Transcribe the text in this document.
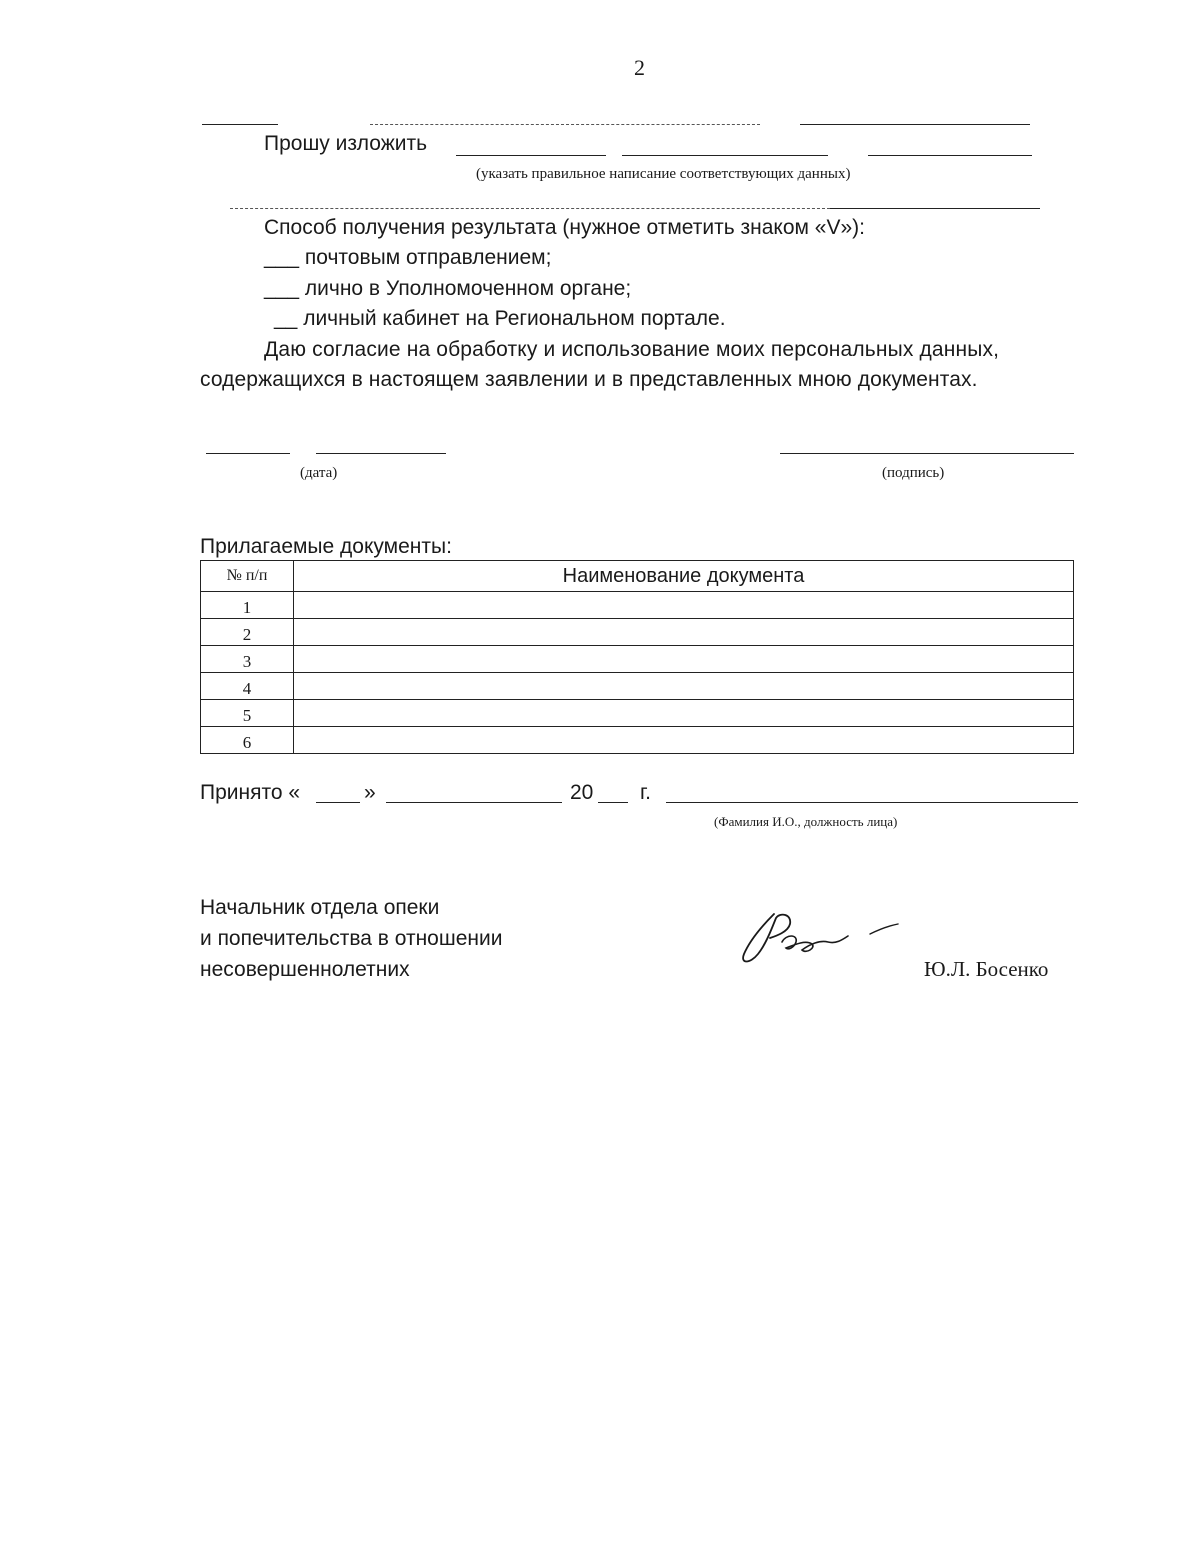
2
Прошу изложить
(указать правильное написание соответствующих данных)
Способ получения результата (нужное отметить знаком «V»):
___ почтовым отправлением;
___ лично в Уполномоченном органе;
__ личный кабинет на Региональном портале.
Даю согласие на обработку и использование моих персональных данных,
содержащихся в настоящем заявлении и в представленных мною документах.
(дата)	(подпись)
Прилагаемые документы:
№ п/п	Наименование документа
1	
2	
3	
4	
5	
6	
Принято «	»	20 г.
(Фамилия И.О., должность лица)
Начальник отдела опеки
и попечительства в отношении
несовершеннолетних	Ю.Л. Босенко
